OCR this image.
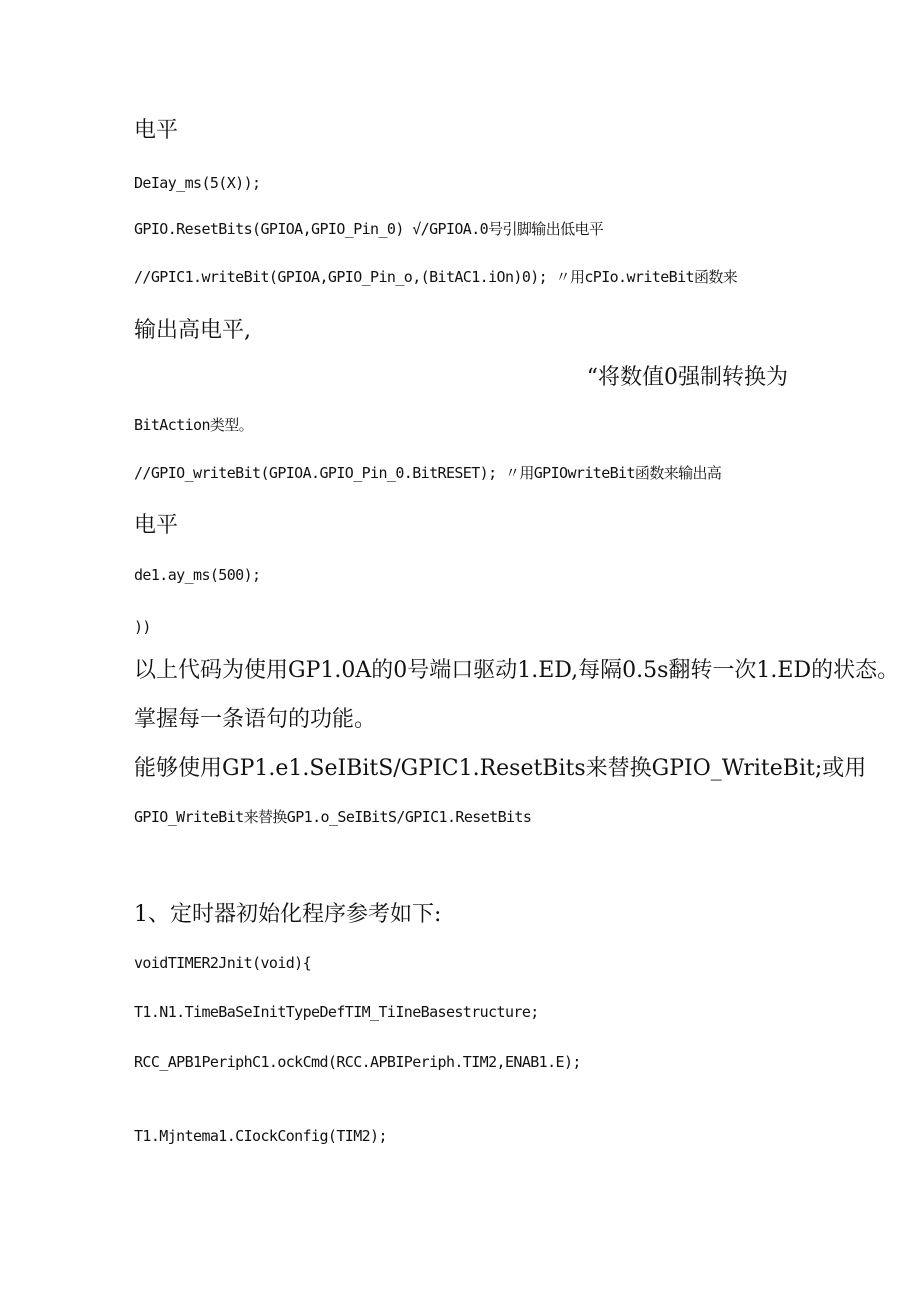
电平
DeIay_ms(5(X));
GPIO.ResetBits(GPIOA,GPIO_Pin_0) √/GPIOA.0号引脚输出低电平
//GPIC1.writeBit(GPIOA,GPIO_Pin_o,(BitAC1.iOn)0); 〃用cPIo.writeBit函数来
输出高电平,
“将数值0强制转换为
BitAction类型。
//GPIO_writeBit(GPIOA.GPIO_Pin_0.BitRESET); 〃用GPIOwriteBit函数来输出高
电平
de1.ay_ms(500);
))
以上代码为使用GP1.0A的0号端口驱动1.ED,每隔0.5s翻转一次1.ED的状态。
掌握每一条语句的功能。
能够使用GP1.e1.SeIBitS/GPIC1.ResetBits来替换GPIO_WriteBit;或用
GPIO_WriteBit来替换GP1.o_SeIBitS/GPIC1.ResetBits
1、定时器初始化程序参考如下:
voidTIMER2Jnit(void){
T1.N1.TimeBaSeInitTypeDefTIM_TiIneBasestructure;
RCC_APB1PeriphC1.ockCmd(RCC.APBIPeriph.TIM2,ENAB1.E);
T1.Mjntema1.CIockConfig(TIM2);
